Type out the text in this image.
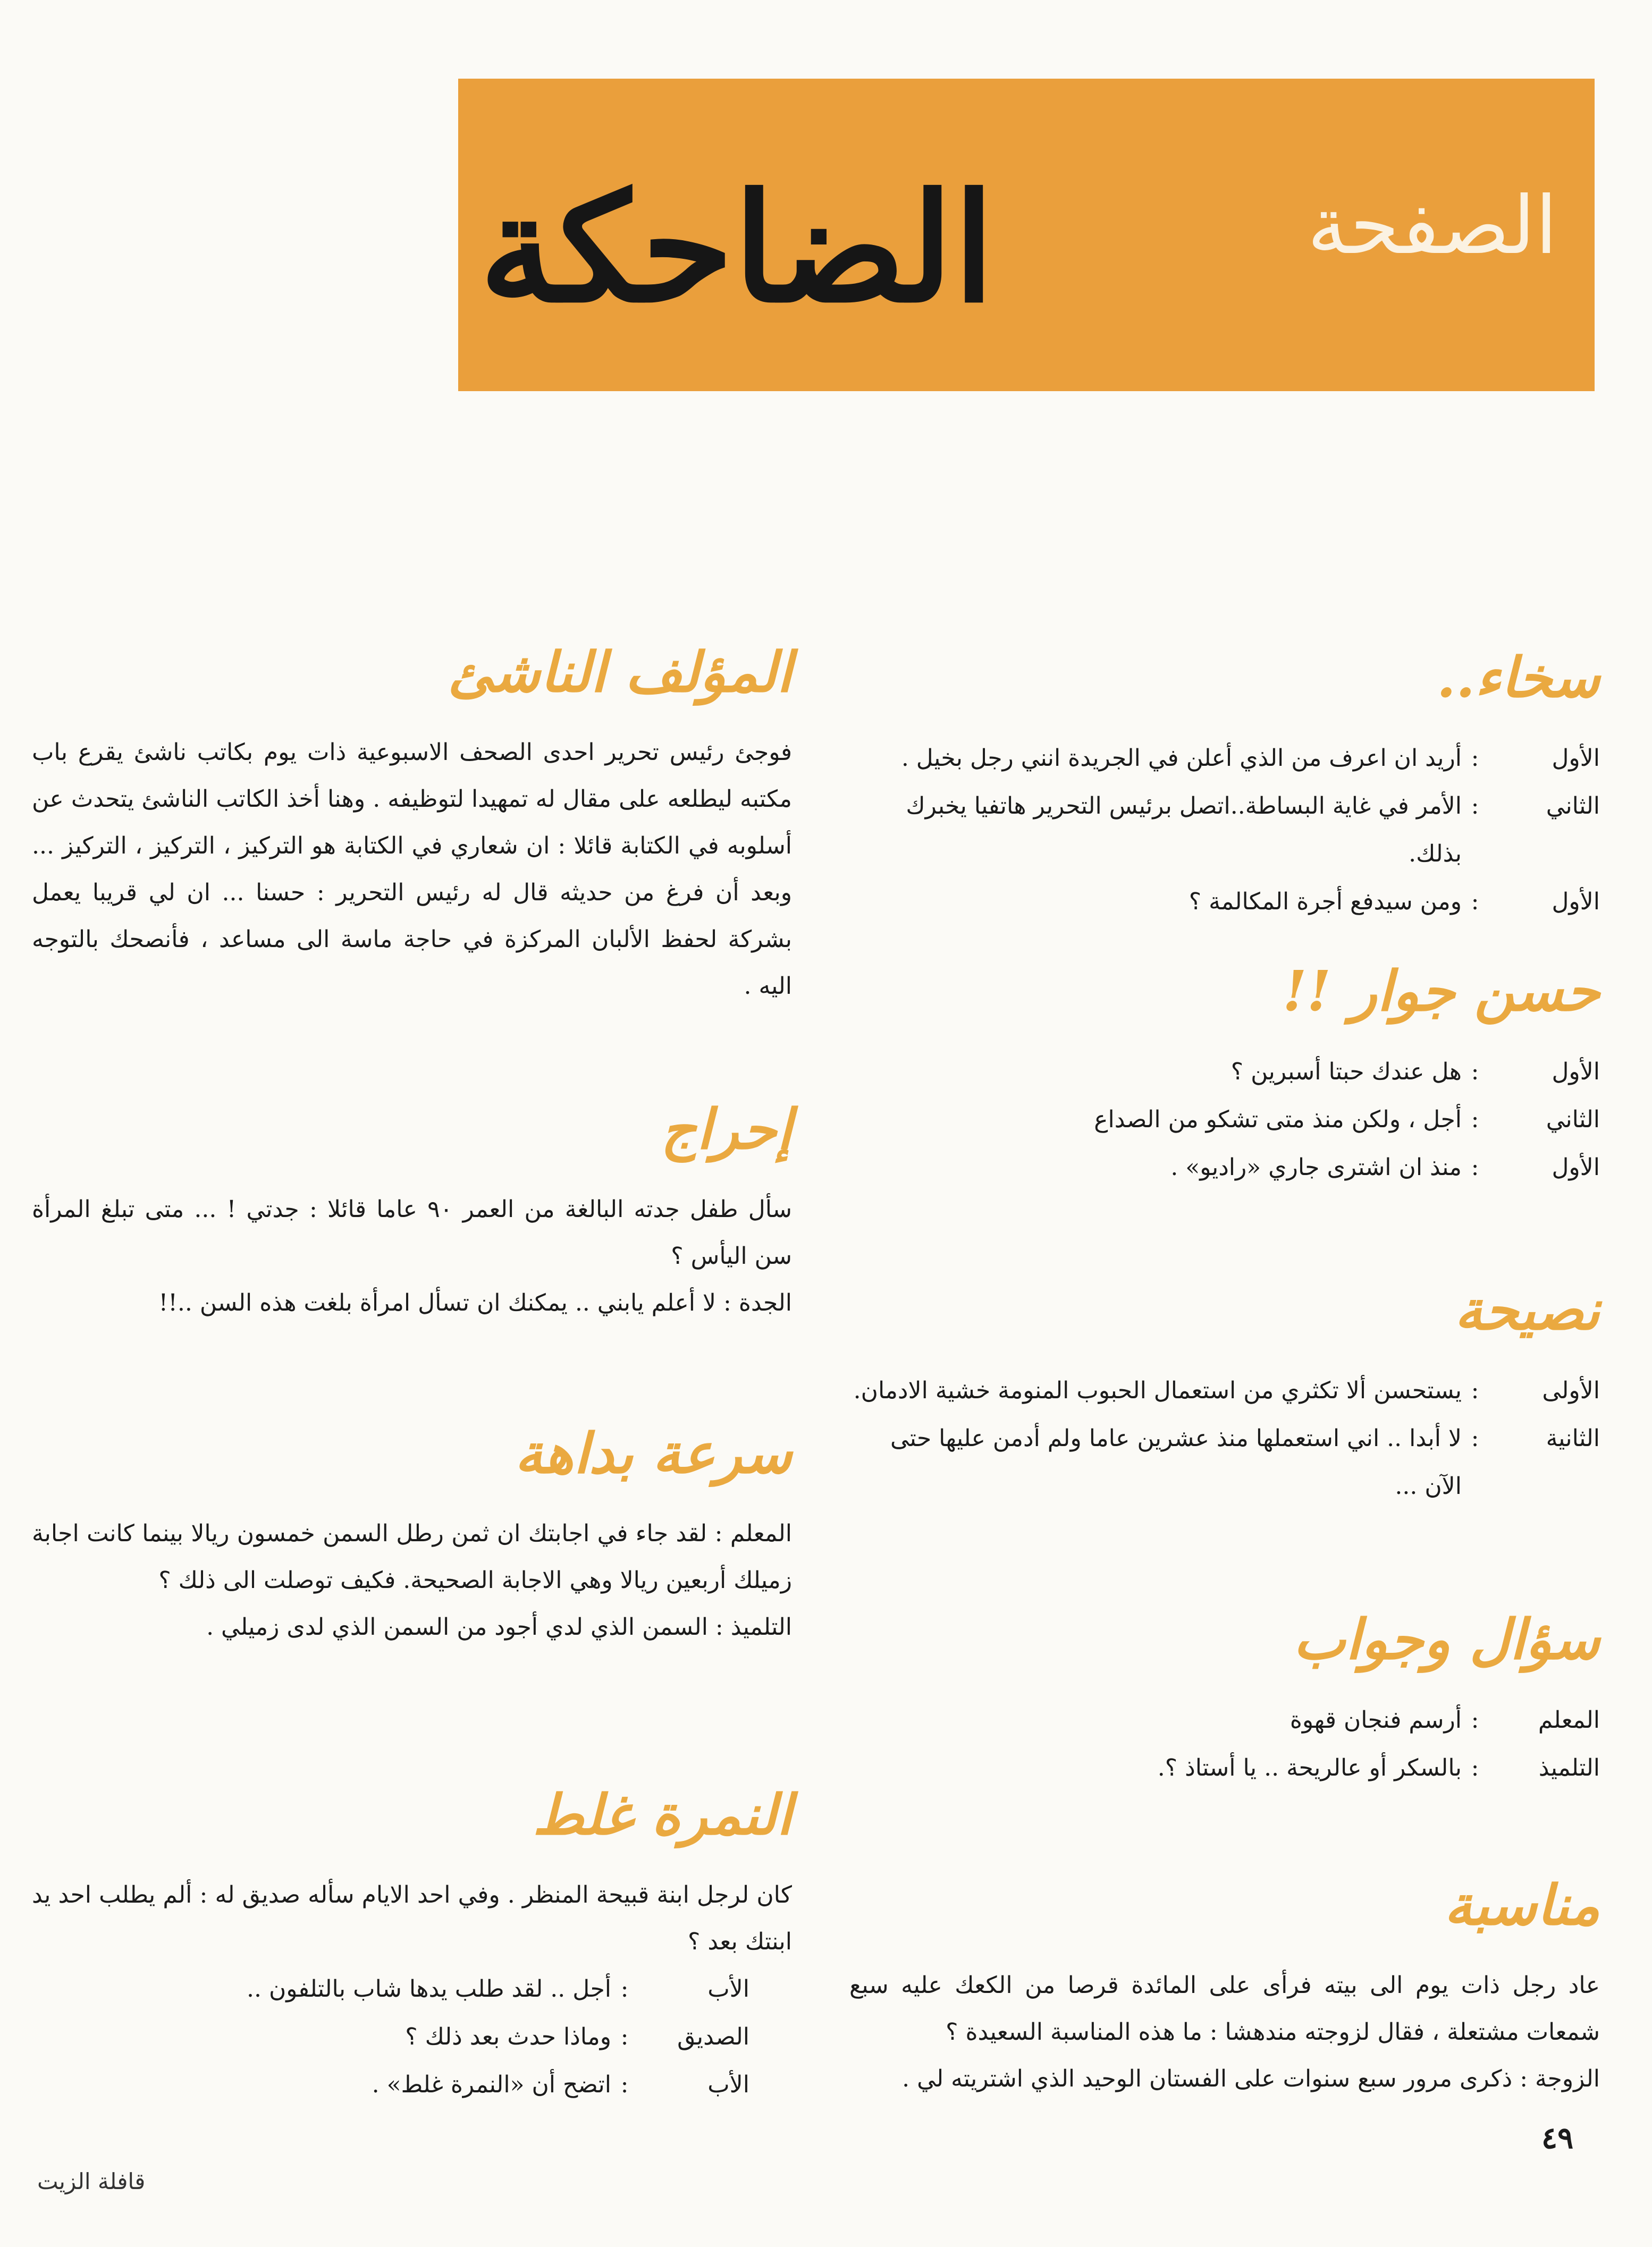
الصفحة
الضاحكة
سخاء..
الأول
:
أريد ان اعرف من الذي أعلن في الجريدة انني رجل بخيل .
الثاني
:
الأمر في غاية البساطة..اتصل برئيس التحرير هاتفيا يخبرك بذلك.
الأول
:
ومن سيدفع أجرة المكالمة ؟
حسن جوار !!
الأول
:
هل عندك حبتا أسبرين ؟
الثاني
:
أجل ، ولكن منذ متى تشكو من الصداع
الأول
:
منذ ان اشترى جاري «راديو» .
نصيحة
الأولى
:
يستحسن ألا تكثري من استعمال الحبوب المنومة خشية الادمان.
الثانية
:
لا أبدا .. اني استعملها منذ عشرين عاما ولم أدمن عليها حتى الآن ...
سؤال وجواب
المعلم
:
أرسم فنجان قهوة
التلميذ
:
بالسكر أو عالريحة .. يا أستاذ ؟.
مناسبة

عاد رجل ذات يوم الى بيته فرأى على المائدة قرصا من الكعك عليه سبع شمعات مشتعلة ، فقال لزوجته مندهشا : ما هذه المناسبة السعيدة ؟

الزوجة : ذكرى مرور سبع سنوات على الفستان الوحيد الذي اشتريته لي .

المؤلف الناشئ

فوجئ رئيس تحرير احدى الصحف الاسبوعية ذات يوم بكاتب ناشئ يقرع باب مكتبه ليطلعه على مقال له تمهيدا لتوظيفه . وهنا أخذ الكاتب الناشئ يتحدث عن أسلوبه في الكتابة قائلا : ان شعاري في الكتابة هو التركيز ، التركيز ، التركيز ... وبعد أن فرغ من حديثه قال له رئيس التحرير : حسنا ... ان لي قريبا يعمل بشركة لحفظ الألبان المركزة في حاجة ماسة الى مساعد ، فأنصحك بالتوجه اليه .

إحراج

سأل طفل جدته البالغة من العمر ٩٠ عاما قائلا : جدتي ! ... متى تبلغ المرأة سن اليأس ؟

الجدة : لا أعلم يابني .. يمكنك ان تسأل امرأة بلغت هذه السن ..!!

سرعة بداهة

المعلم : لقد جاء في اجابتك ان ثمن رطل السمن خمسون ريالا بينما كانت اجابة زميلك أربعين ريالا وهي الاجابة الصحيحة. فكيف توصلت الى ذلك ؟

التلميذ : السمن الذي لدي أجود من السمن الذي لدى زميلي .

النمرة غلط

كان لرجل ابنة قبيحة المنظر . وفي احد الايام سأله صديق له : ألم يطلب احد يد ابنتك بعد ؟

الأب
:
أجل .. لقد طلب يدها شاب بالتلفون ..
الصديق
:
وماذا حدث بعد ذلك ؟
الأب
:
اتضح أن «النمرة غلط» .
٤٩
قافلة الزيت
